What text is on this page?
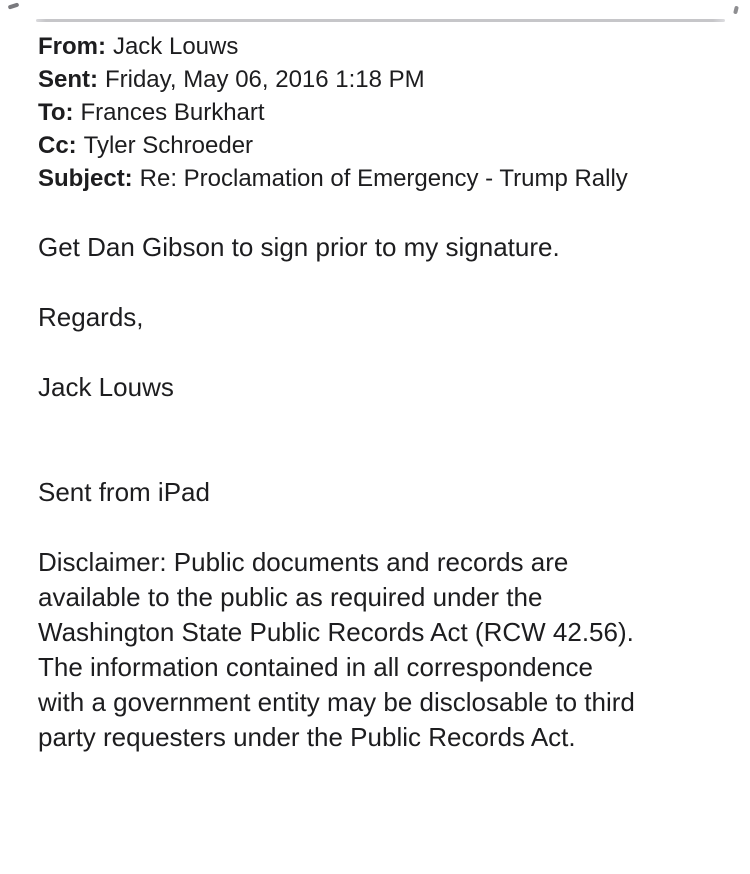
From: Jack Louws
Sent: Friday, May 06, 2016 1:18 PM
To: Frances Burkhart
Cc: Tyler Schroeder
Subject: Re: Proclamation of Emergency - Trump Rally
Get Dan Gibson to sign prior to my signature.

Regards,

Jack Louws

Sent from iPad

Disclaimer: Public documents and records are
available to the public as required under the
Washington State Public Records Act (RCW 42.56).
The information contained in all correspondence
with a government entity may be disclosable to third
party requesters under the Public Records Act.
